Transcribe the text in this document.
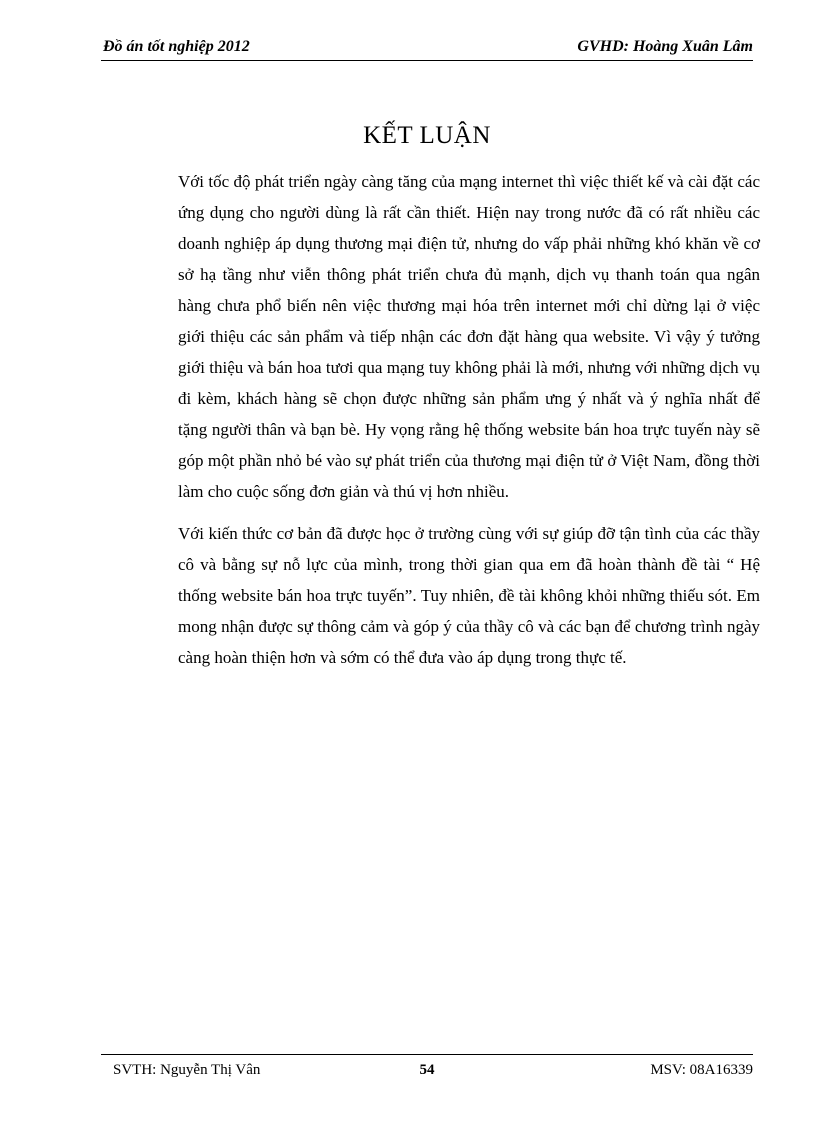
Đồ án tốt nghiệp 2012	GVHD: Hoàng Xuân Lâm
KẾT LUẬN

Với tốc độ phát triển ngày càng tăng của mạng internet thì việc thiết kế và cài đặt các ứng dụng cho người dùng là rất cần thiết. Hiện nay trong nước đã có rất nhiều các doanh nghiệp áp dụng thương mại điện tử, nhưng do vấp phải những khó khăn về cơ sở hạ tầng như viễn thông phát triển chưa đủ mạnh, dịch vụ thanh toán qua ngân hàng chưa phổ biến nên việc thương mại hóa trên internet mới chỉ dừng lại ở việc giới thiệu các sản phẩm và tiếp nhận các đơn đặt hàng qua website. Vì vậy ý tưởng giới thiệu và bán hoa tươi qua mạng tuy không phải là mới, nhưng với những dịch vụ đi kèm, khách hàng sẽ chọn được những sản phẩm ưng ý nhất và ý nghĩa nhất để tặng người thân và bạn bè. Hy vọng rằng hệ thống website bán hoa trực tuyến này sẽ góp một phần nhỏ bé vào sự phát triển của thương mại điện tử ở Việt Nam, đồng thời làm cho cuộc sống đơn giản và thú vị hơn nhiều.

Với kiến thức cơ bản đã được học ở trường cùng với sự giúp đỡ tận tình của các thầy cô và bằng sự nỗ lực của mình, trong thời gian qua em đã hoàn thành đề tài “ Hệ thống website bán hoa trực tuyến”. Tuy nhiên, đề tài không khỏi những thiếu sót. Em mong nhận được sự thông cảm và góp ý của thầy cô và các bạn để chương trình ngày càng hoàn thiện hơn và sớm có thể đưa vào áp dụng trong thực tế.

SVTH: Nguyễn Thị Vân	54	MSV: 08A16339
